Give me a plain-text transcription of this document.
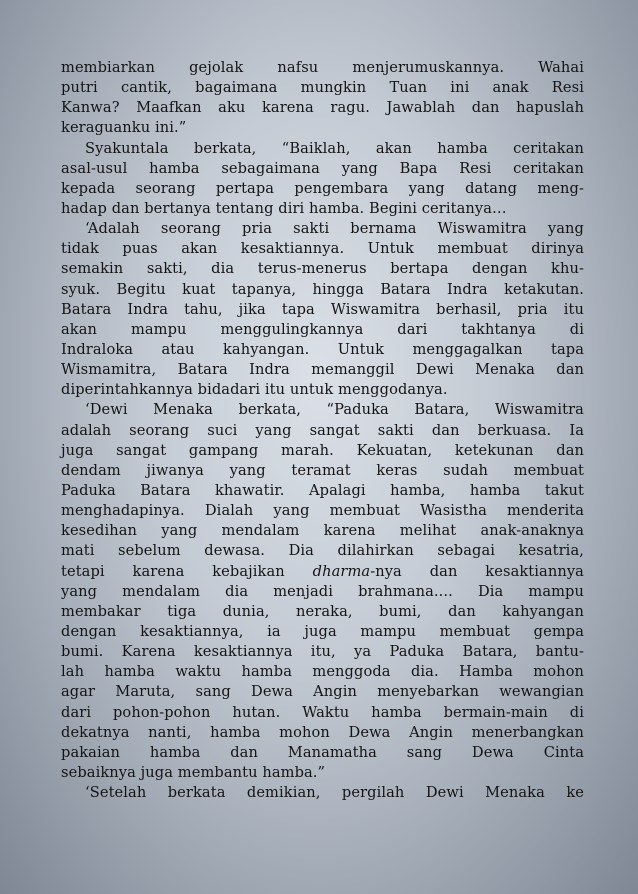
membiarkan gejolak nafsu menjerumuskannya. Wahai
putri cantik, bagaimana mungkin Tuan ini anak Resi
Kanwa? Maafkan aku karena ragu. Jawablah dan hapuslah
keraguanku ini.”
Syakuntala berkata, “Baiklah, akan hamba ceritakan
asal-usul hamba sebagaimana yang Bapa Resi ceritakan
kepada seorang pertapa pengembara yang datang meng-
hadap dan bertanya tentang diri hamba. Begini ceritanya…
‘Adalah seorang pria sakti bernama Wiswamitra yang
tidak puas akan kesaktiannya. Untuk membuat dirinya
semakin sakti, dia terus-menerus bertapa dengan khu-
syuk. Begitu kuat tapanya, hingga Batara Indra ketakutan.
Batara Indra tahu, jika tapa Wiswamitra berhasil, pria itu
akan mampu menggulingkannya dari takhtanya di
Indraloka atau kahyangan. Untuk menggagalkan tapa
Wismamitra, Batara Indra memanggil Dewi Menaka dan
diperintahkannya bidadari itu untuk menggodanya.
‘Dewi Menaka berkata, “Paduka Batara, Wiswamitra
adalah seorang suci yang sangat sakti dan berkuasa. Ia
juga sangat gampang marah. Kekuatan, ketekunan dan
dendam jiwanya yang teramat keras sudah membuat
Paduka Batara khawatir. Apalagi hamba, hamba takut
menghadapinya. Dialah yang membuat Wasistha menderita
kesedihan yang mendalam karena melihat anak-anaknya
mati sebelum dewasa. Dia dilahirkan sebagai kesatria,
tetapi karena kebajikan dharma-nya dan kesaktiannya
yang mendalam dia menjadi brahmana.... Dia mampu
membakar tiga dunia, neraka, bumi, dan kahyangan
dengan kesaktiannya, ia juga mampu membuat gempa
bumi. Karena kesaktiannya itu, ya Paduka Batara, bantu-
lah hamba waktu hamba menggoda dia. Hamba mohon
agar Maruta, sang Dewa Angin menyebarkan wewangian
dari pohon-pohon hutan. Waktu hamba bermain-main di
dekatnya nanti, hamba mohon Dewa Angin menerbangkan
pakaian hamba dan Manamatha sang Dewa Cinta
sebaiknya juga membantu hamba.”
‘Setelah berkata demikian, pergilah Dewi Menaka ke
